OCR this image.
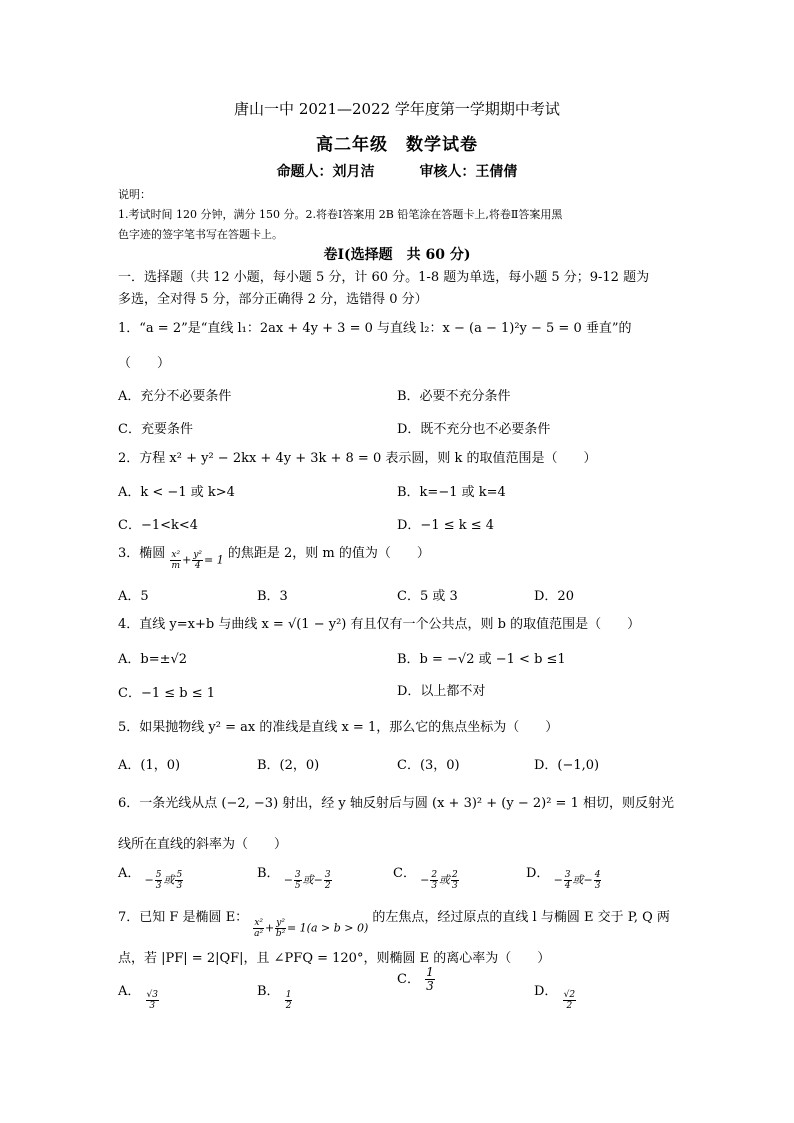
唐山一中 2021—2022 学年度第一学期期中考试
高二年级　数学试卷
命题人：刘月洁	审核人：王倩倩
说明：
1.考试时间 120 分钟，满分 150 分。2.将卷Ⅰ答案用 2B 铅笔涂在答题卡上,将卷Ⅱ答案用黑
色字迹的签字笔书写在答题卡上。
卷Ⅰ(选择题　共 60 分)
一．选择题（共 12 小题，每小题 5 分，计 60 分。1-8 题为单选，每小题 5 分；9-12 题为
多选，全对得 5 分，部分正确得 2 分，选错得 0 分）
1．“a = 2”是“直线 l₁：2ax + 4y + 3 = 0 与直线 l₂：x − (a − 1)²y − 5 = 0 垂直”的
（　　）
A．充分不必要条件	B．必要不充分条件
C．充要条件	D．既不充分也不必要条件
2．方程 x² + y² − 2kx + 4y + 3k + 8 = 0 表示圆，则 k 的取值范围是（　　）
A．k < −1 或 k>4	B．k=−1 或 k=4
C．−1<k<4	D．−1 ≤ k ≤ 4
3．椭圆 $\frac{\text{x²}}{m} + \frac{\text{y²}}{4} = 1$ 的焦距是 2，则 m 的值为（　　）
A．5	B．3	C．5 或 3	D．20
4．直线 y=x+b 与曲线 x = √(1 − y²) 有且仅有一个公共点，则 b 的取值范围是（　　）
A．b=±√2	B．b = −√2 或 −1 < b ≤1
C．−1 ≤ b ≤ 1	D．以上都不对
5．如果抛物线 y² = ax 的准线是直线 x = 1，那么它的焦点坐标为（　　）
A．(1，0)	B．(2，0)	C．(3，0)	D．(−1,0)
6．一条光线从点 (−2, −3) 射出，经 y 轴反射后与圆 (x + 3)² + (y − 2)² = 1 相切，则反射光
线所在直线的斜率为（　　）
A． − $\frac{5}{3}$ 或 $\frac{5}{3}$	B． − $\frac{3}{5}$ 或− $\frac{3}{2}$	C． − $\frac{2}{3}$ 或 $\frac{2}{3}$	D． − $\frac{3}{4}$ 或− $\frac{4}{3}$
7．已知 F 是椭圆 E：
$\frac{\text{x²}}{\text{a²}} + \frac{\text{y²}}{\text{b²}} = 1(a > b > 0)$ 的左焦点，经过原点的直线 l 与椭圆 E 交于 P, Q 两
点，若 |PF| = 2|QF|，且 ∠PFQ = 120°，则椭圆 E 的离心率为（　　）
A． $\frac{√3}{3}$	B． $\frac{1}{2}$
C． $\frac{1}{3}$	D． $\frac{√2}{2}$
